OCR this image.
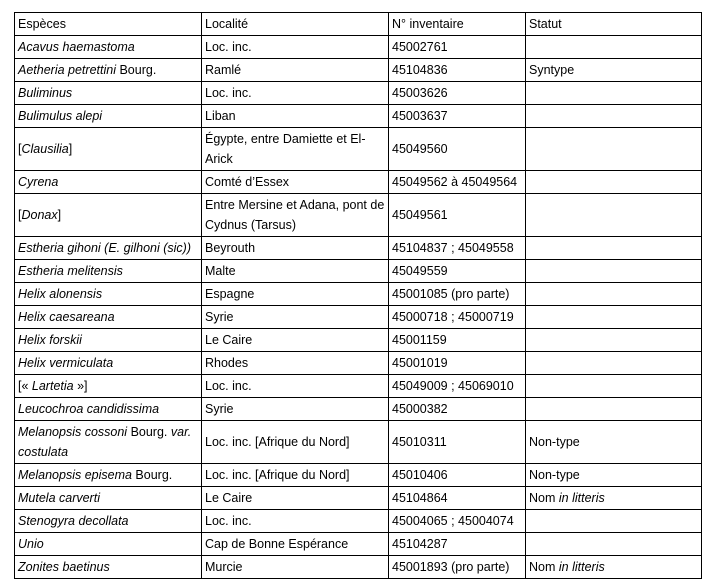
Espèces	Localité	N° inventaire	Statut
Acavus haemastoma	Loc. inc.	45002761	
Aetheria petrettini Bourg.	Ramlé	45104836	Syntype
Buliminus	Loc. inc.	45003626	
Bulimulus alepi	Liban	45003637	
[Clausilia]	Égypte, entre Damiette et El-Arick	45049560	
Cyrena	Comté d’Essex	45049562 à 45049564	
[Donax]	Entre Mersine et Adana, pont de Cydnus (Tarsus)	45049561	
Estheria gihoni (E. gilhoni (sic))	Beyrouth	45104837 ; 45049558	
Estheria melitensis	Malte	45049559	
Helix alonensis	Espagne	45001085 (pro parte)	
Helix caesareana	Syrie	45000718 ; 45000719	
Helix forskii	Le Caire	45001159	
Helix vermiculata	Rhodes	45001019	
[« Lartetia »]	Loc. inc.	45049009 ; 45069010	
Leucochroa candidissima	Syrie	45000382	
Melanopsis cossoni Bourg. var. costulata	Loc. inc. [Afrique du Nord]	45010311	Non-type
Melanopsis episema Bourg.	Loc. inc. [Afrique du Nord]	45010406	Non-type
Mutela carverti	Le Caire	45104864	Nom in litteris
Stenogyra decollata	Loc. inc.	45004065 ; 45004074	
Unio	Cap de Bonne Espérance	45104287	
Zonites baetinus	Murcie	45001893 (pro parte)	Nom in litteris
